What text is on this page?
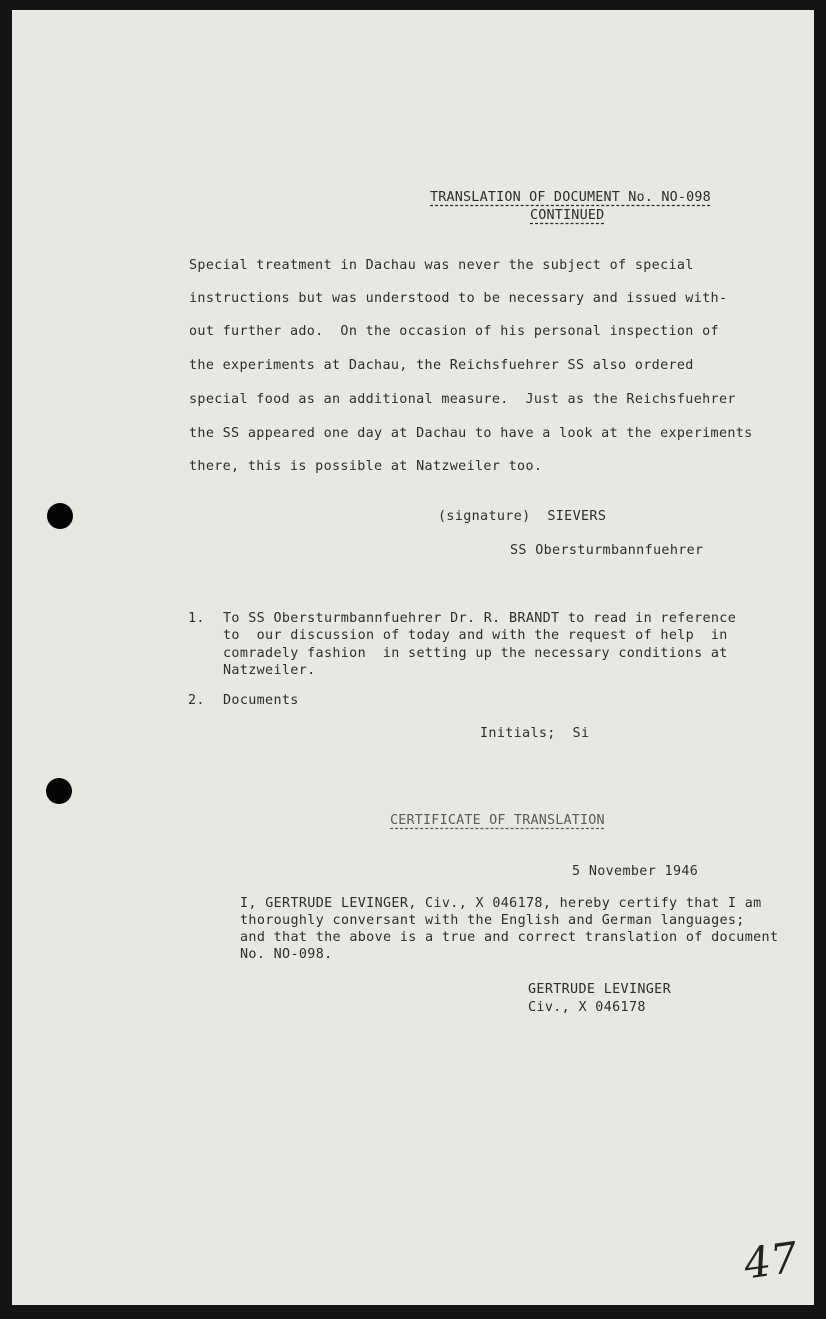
TRANSLATION OF DOCUMENT No. NO-098
CONTINUED
Special treatment in Dachau was never the subject of special
instructions but was understood to be necessary and issued with-
out further ado.  On the occasion of his personal inspection of
the experiments at Dachau, the Reichsfuehrer SS also ordered
special food as an additional measure.  Just as the Reichsfuehrer
the SS appeared one day at Dachau to have a look at the experiments
there, this is possible at Natzweiler too.
(signature)  SIEVERS
SS Obersturmbannfuehrer
1. To SS Obersturmbannfuehrer Dr. R. BRANDT to read in reference
to  our discussion of today and with the request of help  in
comradely fashion  in setting up the necessary conditions at
Natzweiler.
2. Documents
Initials;  Si
CERTIFICATE OF TRANSLATION
5 November 1946
I, GERTRUDE LEVINGER, Civ., X 046178, hereby certify that I am
thoroughly conversant with the English and German languages;
and that the above is a true and correct translation of document
No. NO-098.
GERTRUDE LEVINGER
Civ., X 046178
47
